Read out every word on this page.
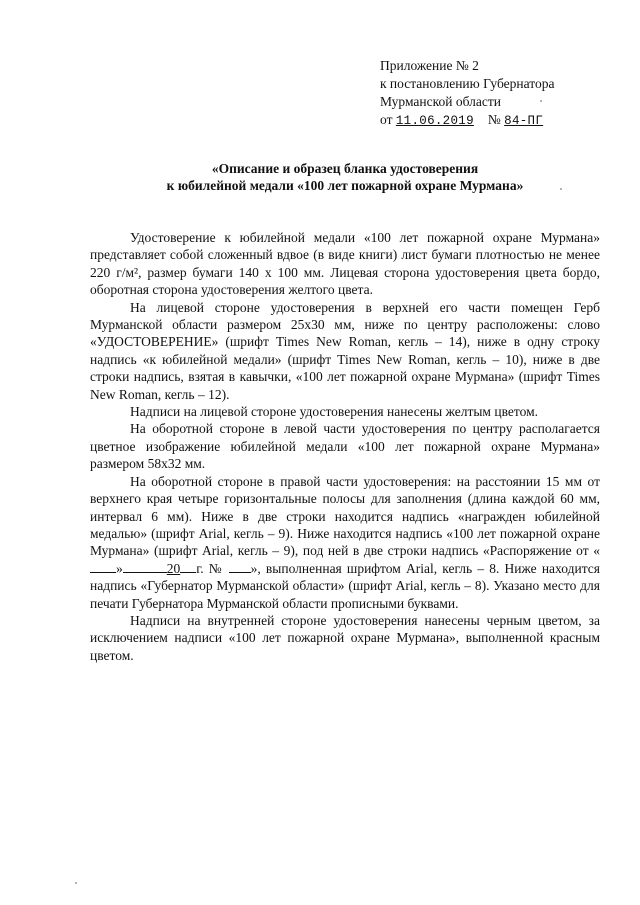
Приложение № 2
к постановлению Губернатора
Мурманской области
от 11.06.2019 № 84-ПГ
«Описание и образец бланка удостоверения
к юбилейной медали «100 лет пожарной охране Мурмана»

Удостоверение к юбилейной медали «100 лет пожарной охране Мурмана» представляет собой сложенный вдвое (в виде книги) лист бумаги плотностью не менее 220 г/м², размер бумаги 140 х 100 мм. Лицевая сторона удостоверения цвета бордо, оборотная сторона удостоверения желтого цвета.

На лицевой стороне удостоверения в верхней его части помещен Герб Мурманской области размером 25х30 мм, ниже по центру расположены: слово «УДОСТОВЕРЕНИЕ» (шрифт Times New Roman, кегль – 14), ниже в одну строку надпись «к юбилейной медали» (шрифт Times New Roman, кегль – 10), ниже в две строки надпись, взятая в кавычки, «100 лет пожарной охране Мурмана» (шрифт Times New Roman, кегль – 12).

Надписи на лицевой стороне удостоверения нанесены желтым цветом.

На оборотной стороне в левой части удостоверения по центру располагается цветное изображение юбилейной медали «100 лет пожарной охране Мурмана» размером 58х32 мм.

На оборотной стороне в правой части удостоверения: на расстоянии 15 мм от верхнего края четыре горизонтальные полосы для заполнения (длина каждой 60 мм, интервал 6 мм). Ниже в две строки находится надпись «награжден юбилейной медалью» (шрифт Arial, кегль – 9). Ниже находится надпись «100 лет пожарной охране Мурмана» (шрифт Arial, кегль – 9), под ней в две строки надпись «Распоряжение от «»	20 г. № », выполненная шрифтом Arial, кегль – 8. Ниже находится надпись «Губернатор Мурманской области» (шрифт Arial, кегль – 8). Указано место для печати Губернатора Мурманской области прописными буквами.

Надписи на внутренней стороне удостоверения нанесены черным цветом, за исключением надписи «100 лет пожарной охране Мурмана», выполненной красным цветом.
